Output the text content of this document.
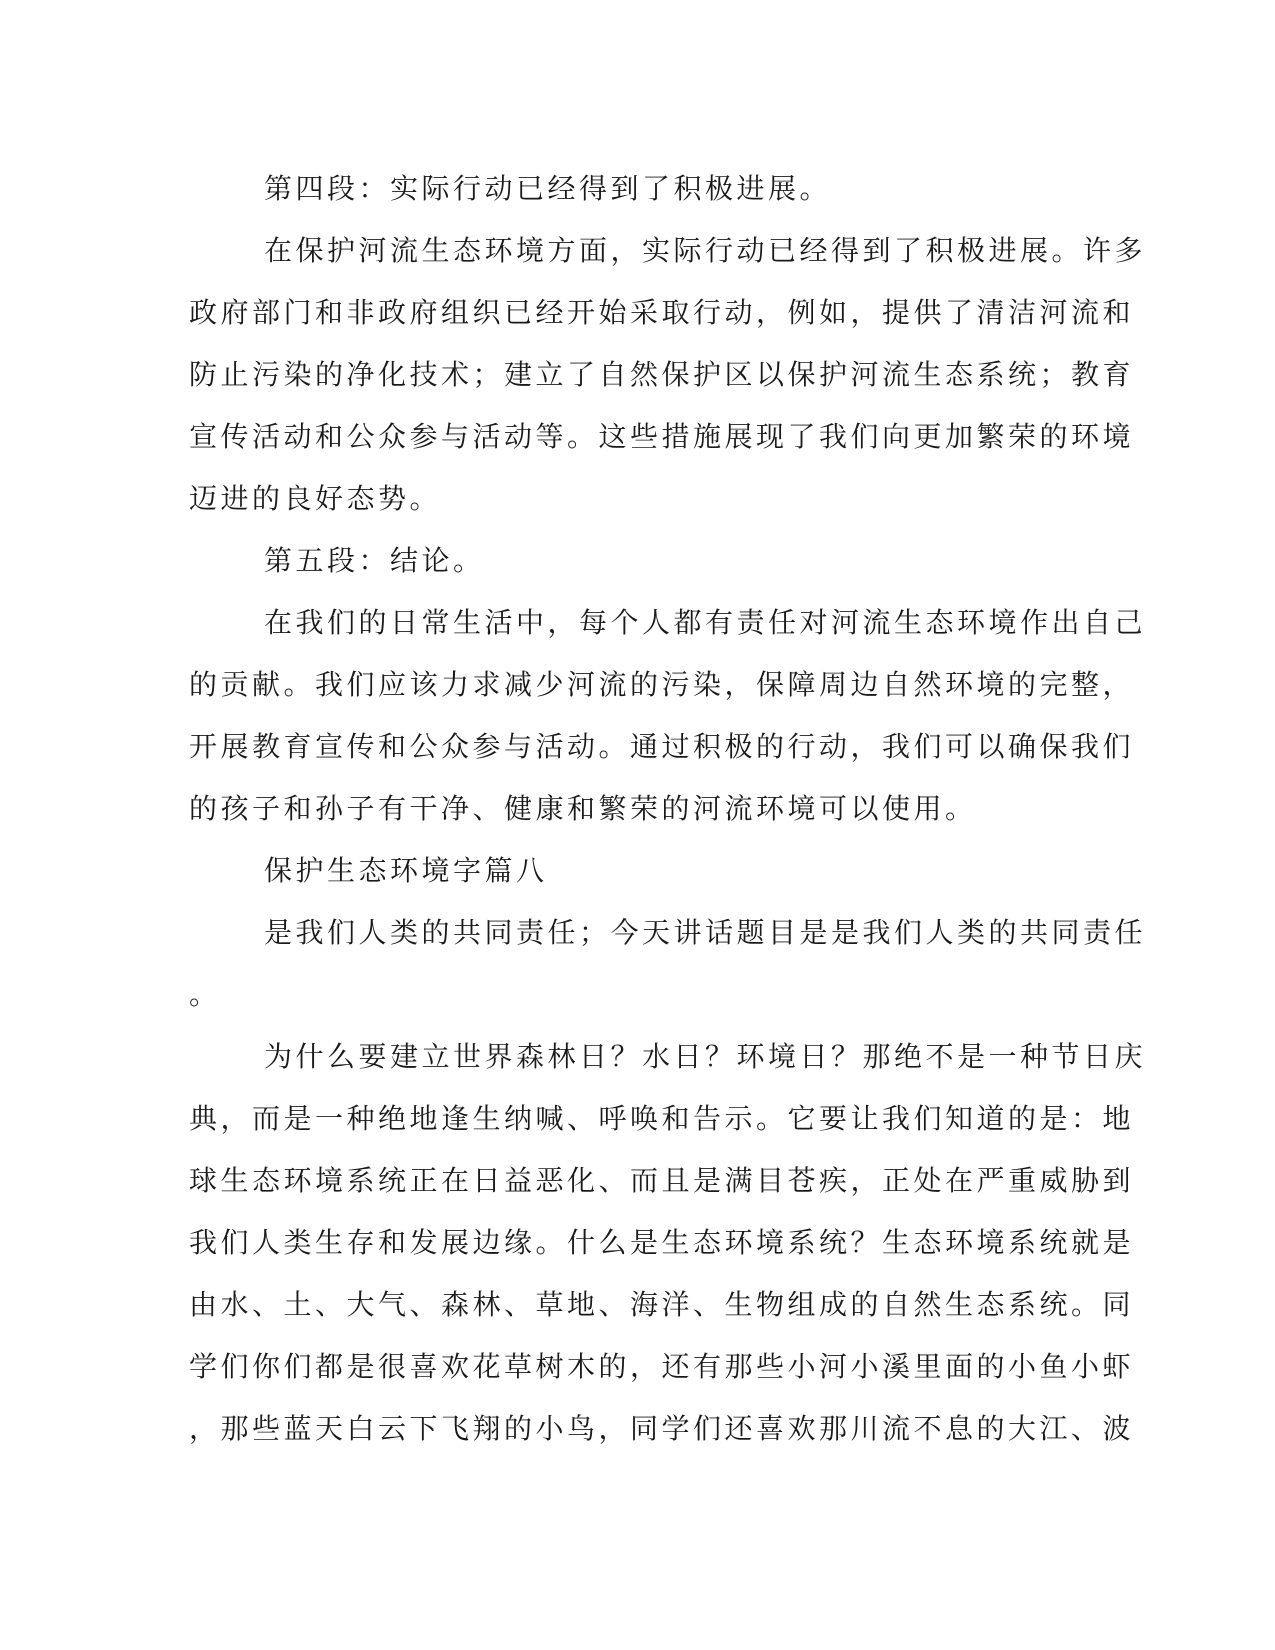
第四段：实际行动已经得到了积极进展。
在保护河流生态环境方面，实际行动已经得到了积极进展。许多
政府部门和非政府组织已经开始采取行动，例如，提供了清洁河流和
防止污染的净化技术；建立了自然保护区以保护河流生态系统；教育
宣传活动和公众参与活动等。这些措施展现了我们向更加繁荣的环境
迈进的良好态势。
第五段：结论。
在我们的日常生活中，每个人都有责任对河流生态环境作出自己
的贡献。我们应该力求减少河流的污染，保障周边自然环境的完整，
开展教育宣传和公众参与活动。通过积极的行动，我们可以确保我们
的孩子和孙子有干净、健康和繁荣的河流环境可以使用。
保护生态环境字篇八
是我们人类的共同责任；今天讲话题目是是我们人类的共同责任
。
为什么要建立世界森林日？水日？环境日？那绝不是一种节日庆
典，而是一种绝地逢生纳喊、呼唤和告示。它要让我们知道的是：地
球生态环境系统正在日益恶化、而且是满目苍疾，正处在严重威胁到
我们人类生存和发展边缘。什么是生态环境系统？生态环境系统就是
由水、土、大气、森林、草地、海洋、生物组成的自然生态系统。同
学们你们都是很喜欢花草树木的，还有那些小河小溪里面的小鱼小虾
，那些蓝天白云下飞翔的小鸟，同学们还喜欢那川流不息的大江、波
